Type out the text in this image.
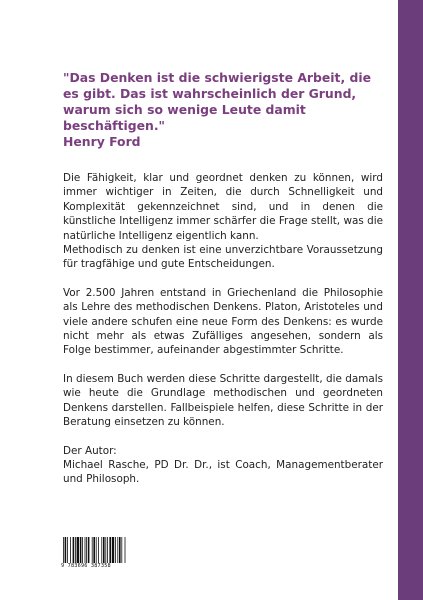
"Das Denken ist die schwierigste Arbeit, die es gibt. Das ist wahrscheinlich der Grund, warum sich so wenige Leute damit beschäftigen."

Henry Ford

Die Fähigkeit, klar und geordnet denken zu können, wird immer wichtiger in Zeiten, die durch Schnelligkeit und Komplexität gekennzeichnet sind, und in denen die künstliche Intelligenz immer schärfer die Frage stellt, was die natürliche Intelligenz eigentlich kann.

Methodisch zu denken ist eine unverzichtbare Voraussetzung für tragfähige und gute Entscheidungen.

Vor 2.500 Jahren entstand in Griechenland die Philosophie als Lehre des methodischen Denkens. Platon, Aristoteles und viele andere schufen eine neue Form des Denkens: es wurde nicht mehr als etwas Zufälliges angesehen, sondern als Folge bestimmer, aufeinander abgestimmter Schritte.

In diesem Buch werden diese Schritte dargestellt, die damals wie heute die Grundlage methodischen und geordneten Denkens darstellen. Fallbeispiele helfen, diese Schritte in der Beratung einsetzen zu können.

Der Autor:

Michael Rasche, PD Dr. Dr., ist Coach, Managementberater und Philosoph.

9 783696 387358
